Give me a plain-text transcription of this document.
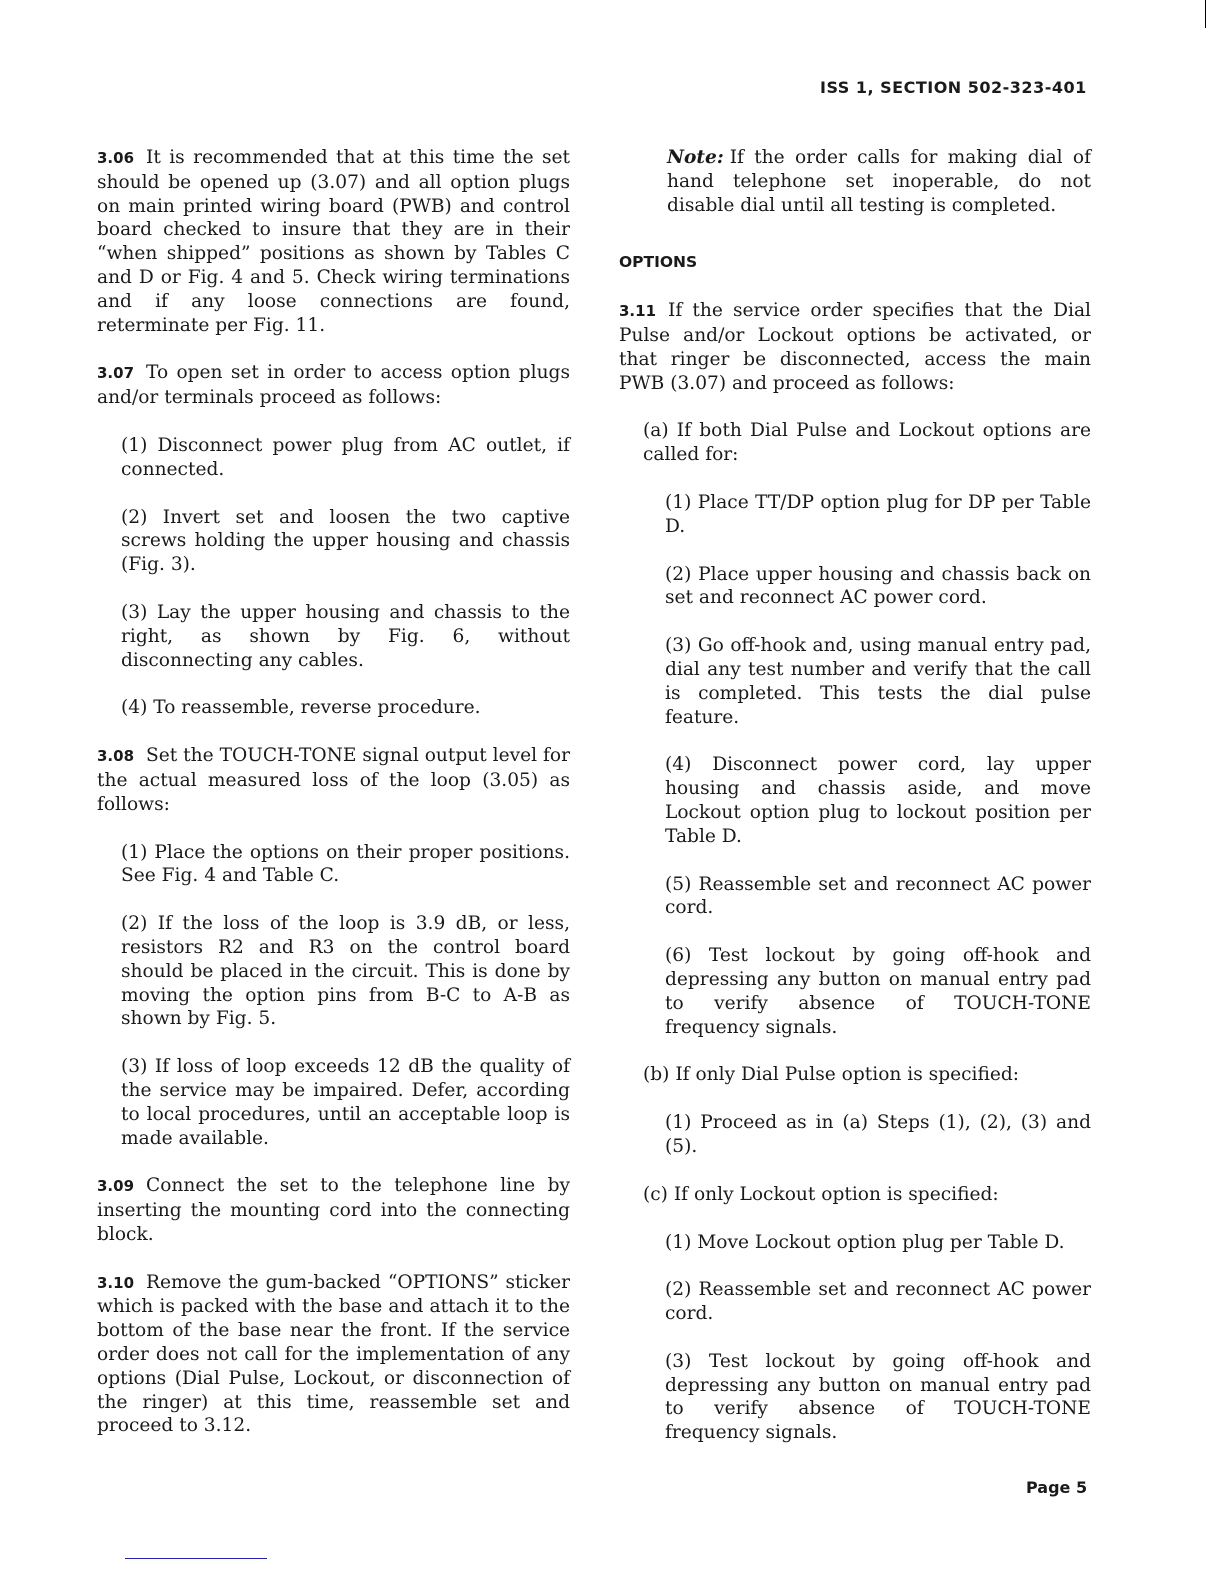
ISS 1, SECTION 502-323-401
3.06 It is recommended that at this time the set should be opened up (3.07) and all option plugs on main printed wiring board (PWB) and control board checked to insure that they are in their “when shipped” positions as shown by Tables C and D or Fig. 4 and 5. Check wiring terminations and if any loose connections are found, reterminate per Fig. 11.
3.07 To open set in order to access option plugs and/or terminals proceed as follows:
(1) Disconnect power plug from AC outlet, if connected.
(2) Invert set and loosen the two captive screws holding the upper housing and chassis (Fig. 3).
(3) Lay the upper housing and chassis to the right, as shown by Fig. 6, without disconnecting any cables.
(4) To reassemble, reverse procedure.
3.08 Set the TOUCH-TONE signal output level for the actual measured loss of the loop (3.05) as follows:
(1) Place the options on their proper positions. See Fig. 4 and Table C.
(2) If the loss of the loop is 3.9 dB, or less, resistors R2 and R3 on the control board should be placed in the circuit. This is done by moving the option pins from B-C to A-B as shown by Fig. 5.
(3) If loss of loop exceeds 12 dB the quality of the service may be impaired. Defer, according to local procedures, until an acceptable loop is made available.
3.09 Connect the set to the telephone line by inserting the mounting cord into the connecting block.
3.10 Remove the gum-backed “OPTIONS” sticker which is packed with the base and attach it to the bottom of the base near the front. If the service order does not call for the implementation of any options (Dial Pulse, Lockout, or disconnection of the ringer) at this time, reassemble set and proceed to 3.12.
Note: If the order calls for making dial of hand telephone set inoperable, do not disable dial until all testing is completed.
OPTIONS
3.11 If the service order specifies that the Dial Pulse and/or Lockout options be activated, or that ringer be disconnected, access the main PWB (3.07) and proceed as follows:
(a) If both Dial Pulse and Lockout options are called for:
(1) Place TT/DP option plug for DP per Table D.
(2) Place upper housing and chassis back on set and reconnect AC power cord.
(3) Go off-hook and, using manual entry pad, dial any test number and verify that the call is completed. This tests the dial pulse feature.
(4) Disconnect power cord, lay upper housing and chassis aside, and move Lockout option plug to lockout position per Table D.
(5) Reassemble set and reconnect AC power cord.
(6) Test lockout by going off-hook and depressing any button on manual entry pad to verify absence of TOUCH-TONE frequency signals.
(b) If only Dial Pulse option is specified:
(1) Proceed as in (a) Steps (1), (2), (3) and (5).
(c) If only Lockout option is specified:
(1) Move Lockout option plug per Table D.
(2) Reassemble set and reconnect AC power cord.
(3) Test lockout by going off-hook and depressing any button on manual entry pad to verify absence of TOUCH-TONE frequency signals.
Page 5
